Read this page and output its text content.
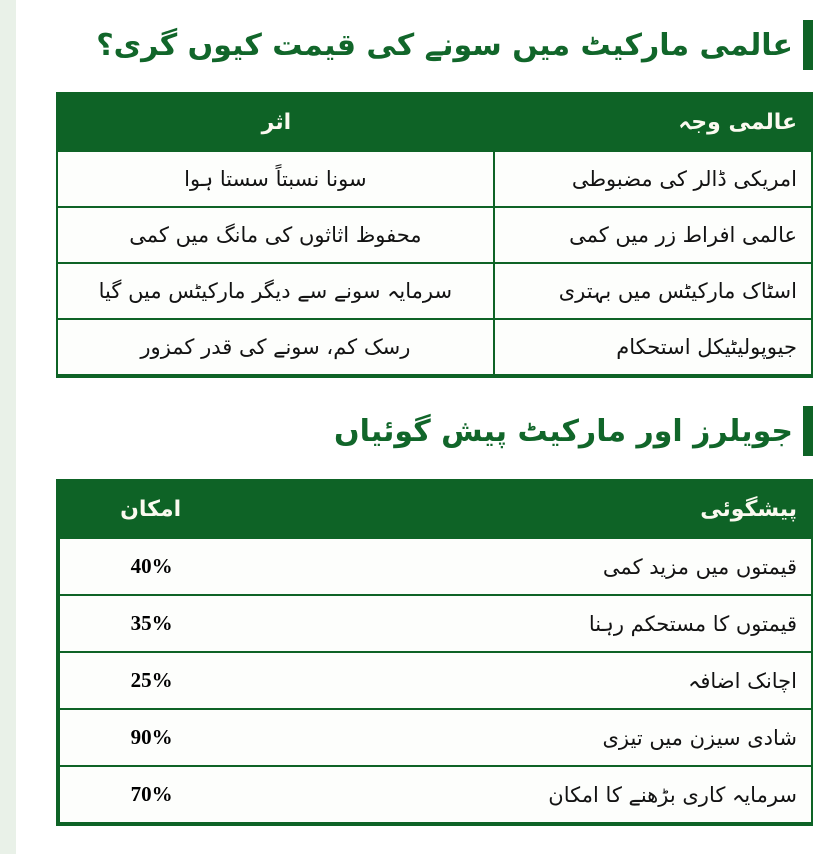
عالمی مارکیٹ میں سونے کی قیمت کیوں گری؟
عالمی وجہ
اثر
امریکی ڈالر کی مضبوطی
سونا نسبتاً سستا ہوا
عالمی افراط زر میں کمی
محفوظ اثاثوں کی مانگ میں کمی
اسٹاک مارکیٹس میں بہتری
سرمایہ سونے سے دیگر مارکیٹس میں گیا
جیوپولیٹیکل استحکام
رسک کم، سونے کی قدر کمزور
جویلرز اور مارکیٹ پیش گوئیاں
پیشگوئی
امکان
قیمتوں میں مزید کمی
40%
قیمتوں کا مستحکم رہنا
35%
اچانک اضافہ
25%
شادی سیزن میں تیزی
90%
سرمایہ کاری بڑھنے کا امکان
70%
